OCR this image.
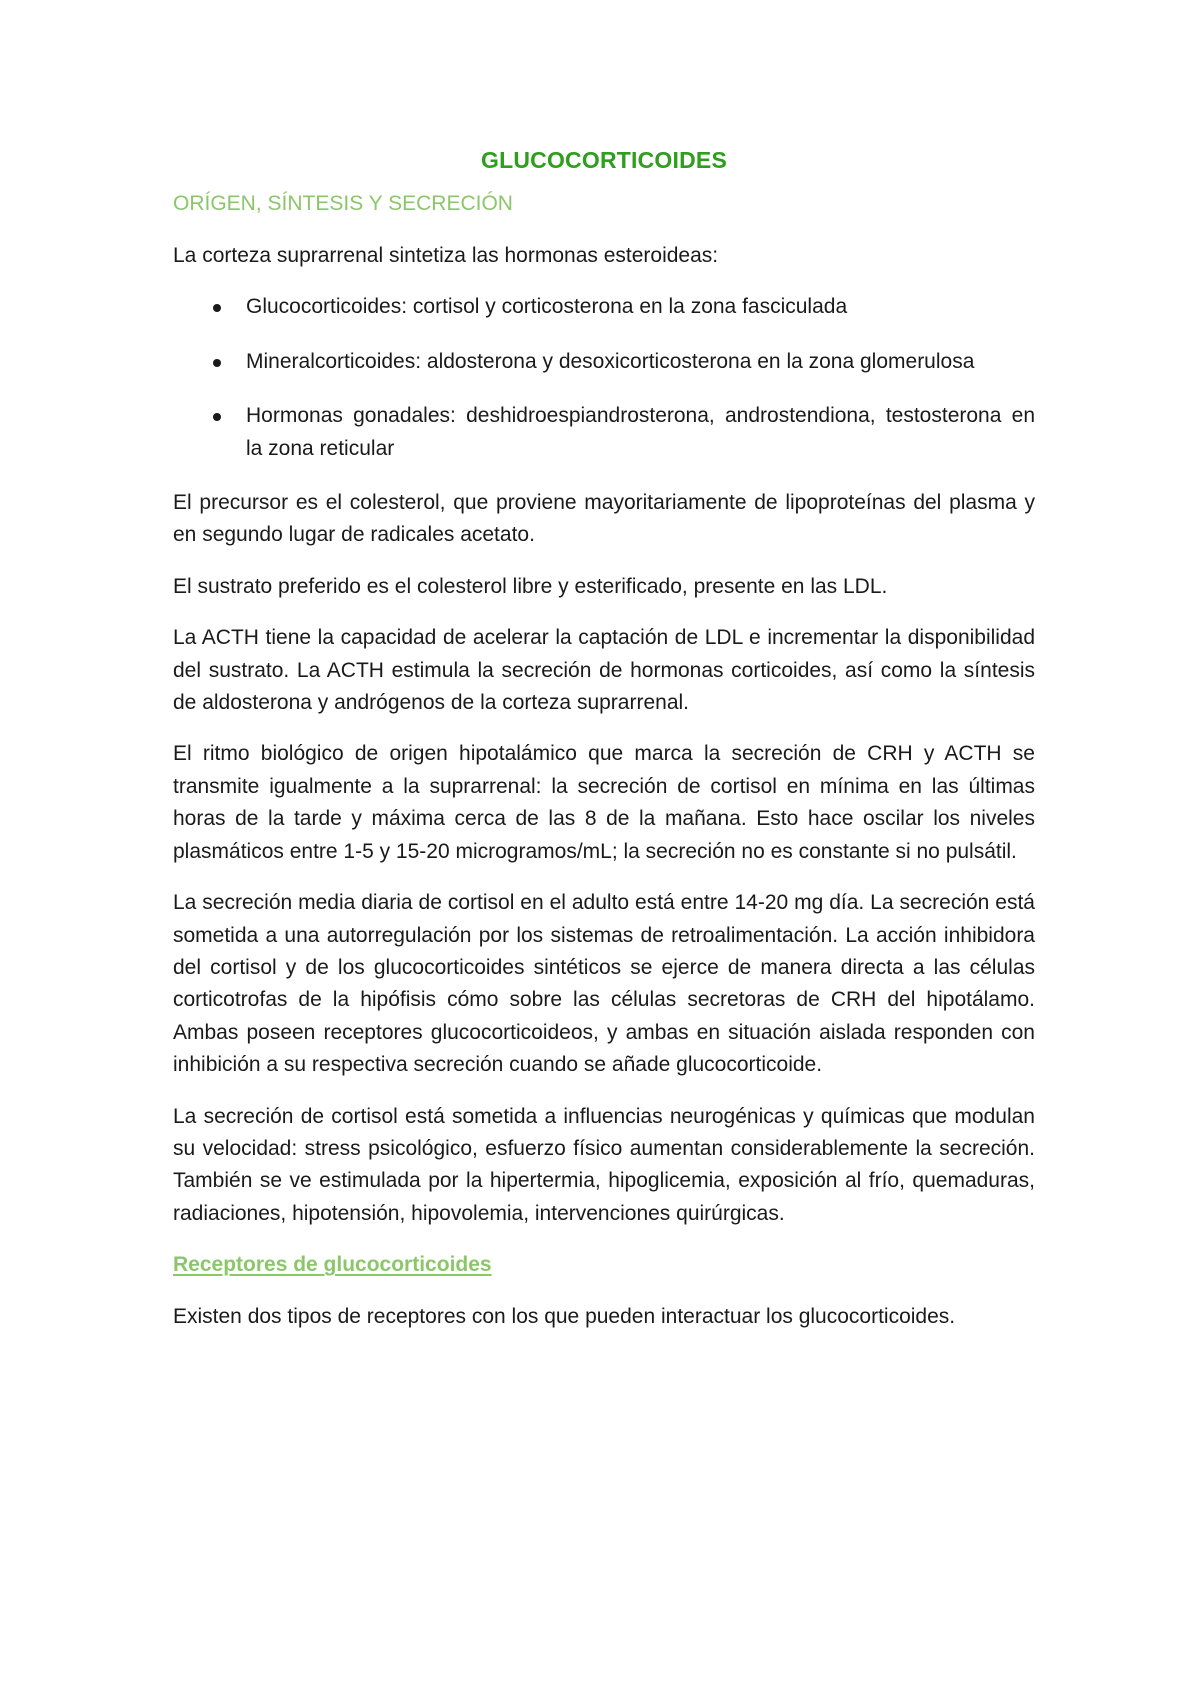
GLUCOCORTICOIDES
ORÍGEN, SÍNTESIS Y SECRECIÓN

La corteza suprarrenal sintetiza las hormonas esteroideas:

Glucocorticoides: cortisol y corticosterona en la zona fasciculada
Mineralcorticoides: aldosterona y desoxicorticosterona en la zona glomerulosa
Hormonas gonadales: deshidroespiandrosterona, androstendiona, testosterona en la zona reticular

El precursor es el colesterol, que proviene mayoritariamente de lipoproteínas del plasma y en segundo lugar de radicales acetato.

El sustrato preferido es el colesterol libre y esterificado, presente en las LDL.

La ACTH tiene la capacidad de acelerar la captación de LDL e incrementar la disponibilidad del sustrato. La ACTH estimula la secreción de hormonas corticoides, así como la síntesis de aldosterona y andrógenos de la corteza suprarrenal.

El ritmo biológico de origen hipotalámico que marca la secreción de CRH y ACTH se transmite igualmente a la suprarrenal: la secreción de cortisol en mínima en las últimas horas de la tarde y máxima cerca de las 8 de la mañana. Esto hace oscilar los niveles plasmáticos entre 1-5 y 15-20 microgramos/mL; la secreción no es constante si no pulsátil.

La secreción media diaria de cortisol en el adulto está entre 14-20 mg día. La secreción está sometida a una autorregulación por los sistemas de retroalimentación. La acción inhibidora del cortisol y de los glucocorticoides sintéticos se ejerce de manera directa a las células corticotrofas de la hipófisis cómo sobre las células secretoras de CRH del hipotálamo. Ambas poseen receptores glucocorticoideos, y ambas en situación aislada responden con inhibición a su respectiva secreción cuando se añade glucocorticoide.

La secreción de cortisol está sometida a influencias neurogénicas y químicas que modulan su velocidad: stress psicológico, esfuerzo físico aumentan considerablemente la secreción. También se ve estimulada por la hipertermia, hipoglicemia, exposición al frío, quemaduras, radiaciones, hipotensión, hipovolemia, intervenciones quirúrgicas.

Receptores de glucocorticoides

Existen dos tipos de receptores con los que pueden interactuar los glucocorticoides.
